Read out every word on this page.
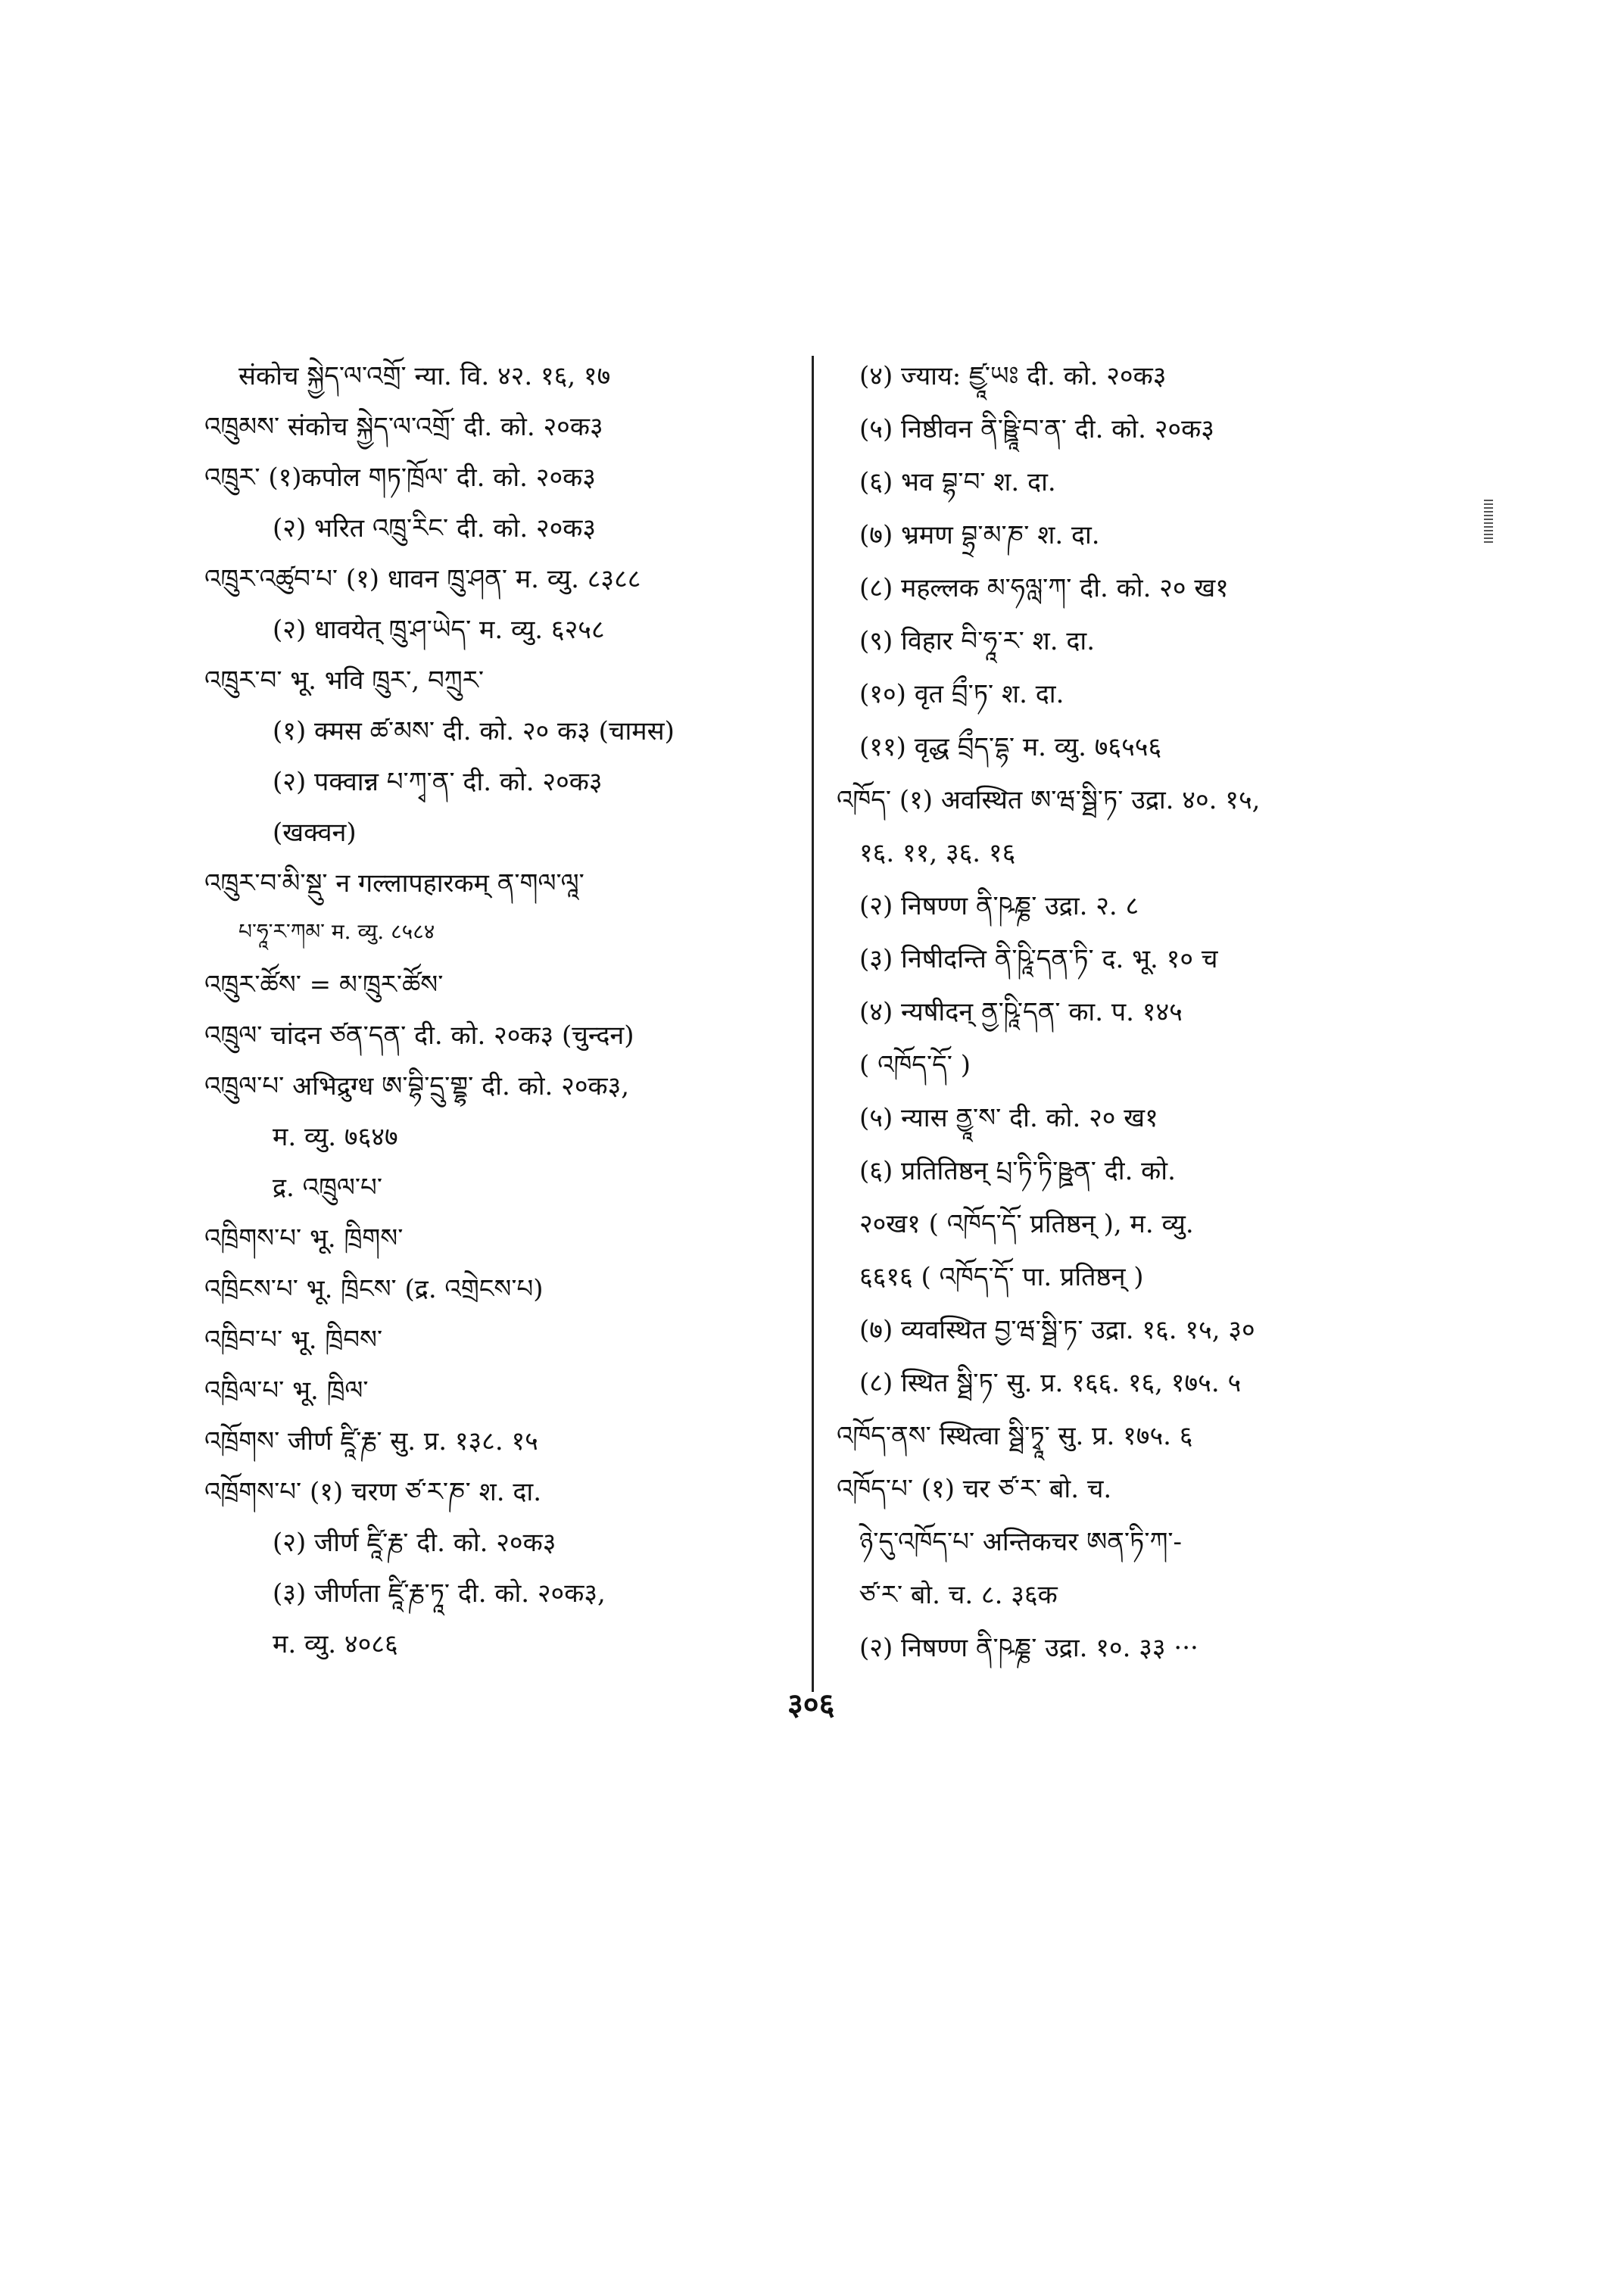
संकोच སྐྱེད་ལ་འགྲོ་ न्या. वि. ४२. १६, १७
འཁྲུམས་ संकोच སྐྱེད་ལ་འགྲོ་ दी. को. २०क३
འཁྲུར་ (१)कपोल གཏ་ཁྲོལ་ दी. को. २०क३
(२) भरित འཁྲུ་རིང་ दी. को. २०क३
འཁྲུར་འཚུབ་པ་ (१) धावन ཁྲུ་ཤན་ म. व्यु. ८३८८
(२) धावयेत् ཁྲུ་ཤ་ཡེད་ म. व्यु. ६२५८
འཁྲུར་བ་ भू. भवि ཁྲུར་, བཀྲུར་
(१) क्मस ཚ་མས་ दी. को. २० क३ (चामस)
(२) पक्वान्न པ་ཀྭ་ན་ दी. को. २०क३
(खक्वन)
འཁྲུར་བ་མི་སྡུ་ न गल्लापहारकम् ན་གལ་ལཱ་
པ་ཧཱ་ར་ཀམ་ म. व्यु. ८५८४
འཁྲུར་ཚོས་ = མ་ཁྲུར་ཚོས་
འཁྲུལ་ चांदन ཙན་དན་ दी. को. २०क३ (चुन्दन)
འཁྲུལ་པ་ अभिद्रुग्ध ཨ་བྷི་དྲུ་གྡྷ་ दी. को. २०क३,
म. व्यु. ७६४७
द्र. འཁྲུལ་པ་
འཁྲིགས་པ་ भू. ཁྲིགས་
འཁྲིངས་པ་ भू. ཁྲིངས་ (द्र. འགྲེངས་པ)
འཁྲིབ་པ་ भू. ཁྲིབས་
འཁྲིལ་པ་ भू. ཁྲིལ་
འཁྲོགས་ जीर्ण ཛཱི་རྞ་ सु. प्र. १३८. १५
འཁྲོགས་པ་ (१) चरण ཙ་ར་ཎ་ श. दा.
(२) जीर्ण ཛཱི་རྞ་ दी. को. २०क३
(३) जीर्णता ཛཱི་རྞ་ཏཱ་ दी. को. २०क३,
म. व्यु. ४०८६
(४) ज्याय: ཛྱཱ་ཡཿ दी. को. २०क३
(५) निष्ठीवन ནི་ཥྛཱི་བ་ན་ दी. को. २०क३
(६) भव བྷ་བ་ श. दा.
(७) भ्रमण བྷྲ་མ་ཎ་ श. दा.
(८) महल्लक མ་ཧལླ་ཀ་ दी. को. २० ख१
(९) विहार བི་ཧཱ་ར་ श. दा.
(१०) वृत བྲྀ་ཏ་ श. दा.
(११) वृद्ध བྲྀད་དྷ་ म. व्यु. ७६५५६
འཁོད་ (१) अवस्थित ཨ་ཝ་སྠི་ཏ་ उद्रा. ४०. १५,
१६. ११, ३६. १६
(२) निषण्ण ནི་ཥཎྞ་ उद्रा. २. ८
(३) निषीदन्ति ནི་ཥཱི་དན་ཏི་ द. भू. १० च
(४) न्यषीदन् ནྱ་ཥཱི་དན་ का. प. १४५
( འཁོད་དོ་ )
(५) न्यास ནྱཱ་ས་ दी. को. २० ख१
(६) प्रतितिष्ठन् པྲ་ཏི་ཏི་ཥྛན་ दी. को.
२०ख१ ( འཁོད་དོ་ प्रतिष्ठन् ), म. व्यु.
६६१६ ( འཁོད་དོ་ पा. प्रतिष्ठन् )
(७) व्यवस्थित བྱ་ཝ་སྠི་ཏ་ उद्रा. १६. १५, ३०
(८) स्थित སྠི་ཏ་ सु. प्र. १६६. १६, १७५. ५
འཁོད་ནས་ स्थित्वा སྠི་ཏྭཱ་ सु. प्र. १७५. ६
འཁོད་པ་ (१) चर ཙ་ར་ बो. च.
ཉེ་དུ་འཁོད་པ་ अन्तिकचर ཨན་ཏི་ཀ་-
ཙ་ར་ बो. च. ८. ३६क
(२) निषण्ण ནི་ཥཎྞ་ उद्रा. १०. ३३ ···
३०६
